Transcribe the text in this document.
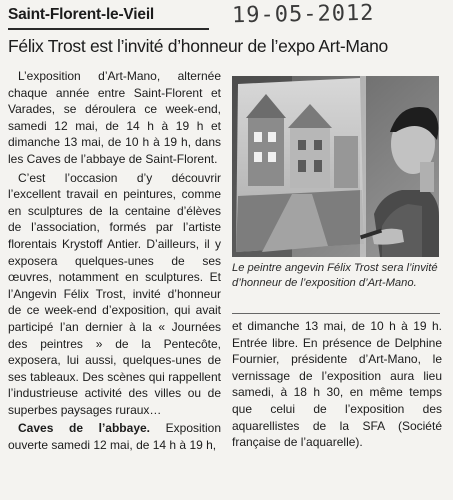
Saint-Florent-le-Vieil	19-05-2012
Félix Trost est l’invité d’honneur de l’expo Art-Mano

L’exposition d’Art-Mano, alternée chaque année entre Saint-Florent et Varades, se déroulera ce week-end, samedi 12 mai, de 14 h à 19 h et dimanche 13 mai, de 10 h à 19 h, dans les Caves de l’abbaye de Saint-Florent.

C’est l’occasion d’y découvrir l’excellent travail en peintures, comme en sculptures de la centaine d’élèves de l’association, formés par l’artiste florentais Krystoff Antier. D’ailleurs, il y exposera quelques-unes de ses œuvres, notamment en sculptures. Et l’Angevin Félix Trost, invité d’honneur de ce week-end d’exposition, qui avait participé l’an dernier à la « Journées des peintres » de la Pentecôte, exposera, lui aussi, quelques-unes de ses tableaux. Des scènes qui rappellent l’industrieuse activité des villes ou de superbes paysages ruraux…

Caves de l’abbaye. Exposition ouverte samedi 12 mai, de 14 h à 19 h,

Le peintre angevin Félix Trost sera l’invité d’honneur de l’exposition d’Art-Mano.

et dimanche 13 mai, de 10 h à 19 h. Entrée libre. En présence de Delphine Fournier, présidente d’Art-Mano, le vernissage de l’exposition aura lieu samedi, à 18 h 30, en même temps que celui de l’exposition des aquarellistes de la SFA (Société française de l’aquarelle).
